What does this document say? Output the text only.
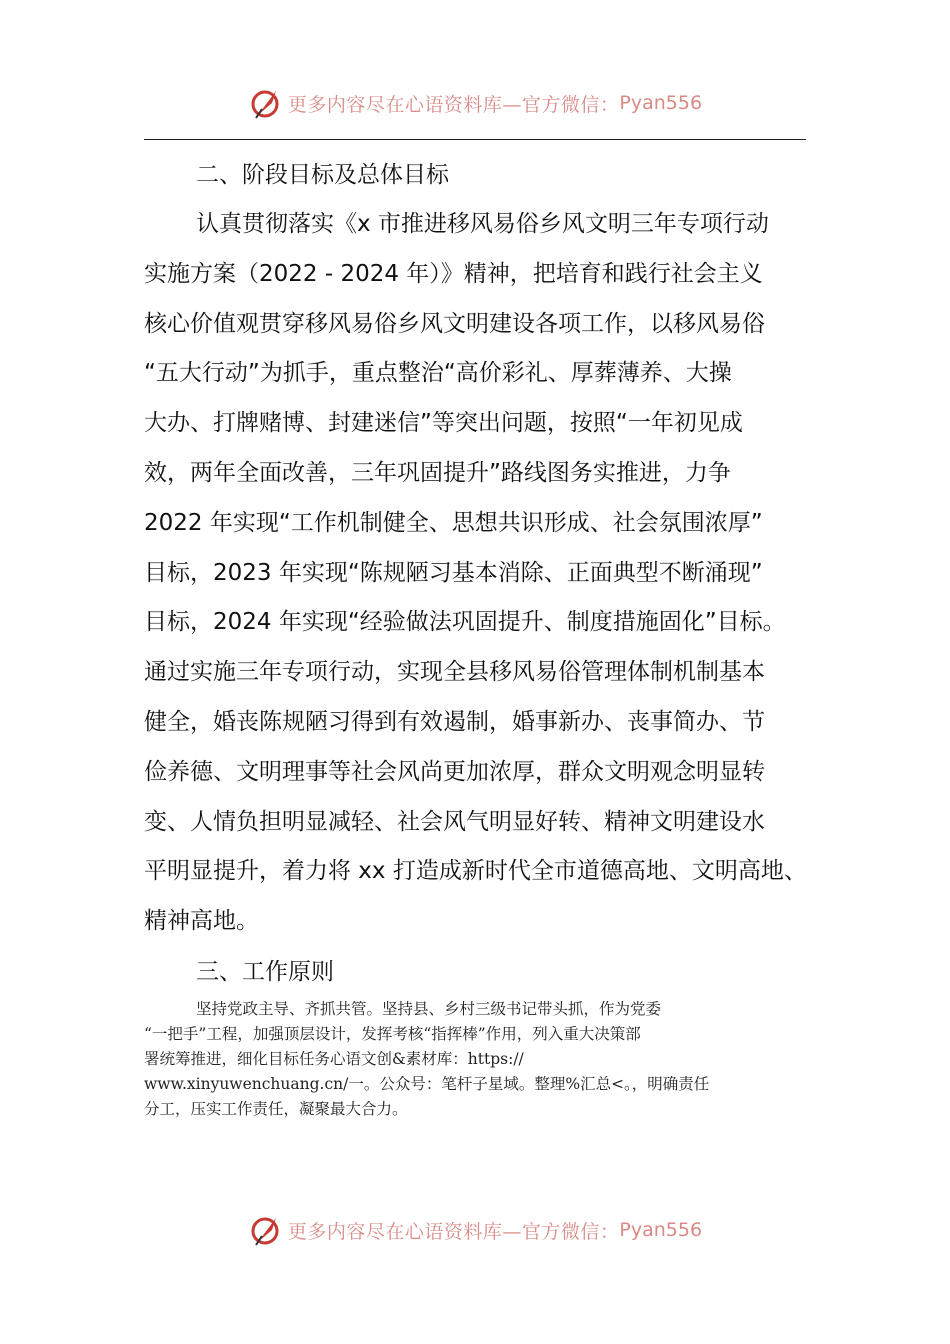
更多内容尽在心语资料库—官方微信： Pyan556
二、阶段目标及总体目标

认真贯彻落实《x 市推进移风易俗乡风文明三年专项行动
实施方案（2022 - 2024 年）》精神，把培育和践行社会主义
核心价值观贯穿移风易俗乡风文明建设各项工作，以移风易俗
“五大行动”为抓手，重点整治“高价彩礼、厚葬薄养、大操
大办、打牌赌博、封建迷信”等突出问题，按照“一年初见成
效，两年全面改善，三年巩固提升”路线图务实推进，力争
2022 年实现“工作机制健全、思想共识形成、社会氛围浓厚”
目标，2023 年实现“陈规陋习基本消除、正面典型不断涌现”
目标，2024 年实现“经验做法巩固提升、制度措施固化”目标。
通过实施三年专项行动，实现全县移风易俗管理体制机制基本
健全，婚丧陈规陋习得到有效遏制，婚事新办、丧事简办、节
俭养德、文明理事等社会风尚更加浓厚，群众文明观念明显转
变、人情负担明显减轻、社会风气明显好转、精神文明建设水
平明显提升，着力将 xx 打造成新时代全市道德高地、文明高地、
精神高地。

三、工作原则

坚持党政主导、齐抓共管。坚持县、乡村三级书记带头抓，作为党委
“一把手”工程，加强顶层设计，发挥考核“指挥棒”作用，列入重大决策部
署统筹推进，细化目标任务心语文创&素材库：https://
www.xinyuwenchuang.cn/一。公众号：笔杆子星域。整理%汇总<。，明确责任
分工，压实工作责任，凝聚最大合力。

更多内容尽在心语资料库—官方微信： Pyan556
